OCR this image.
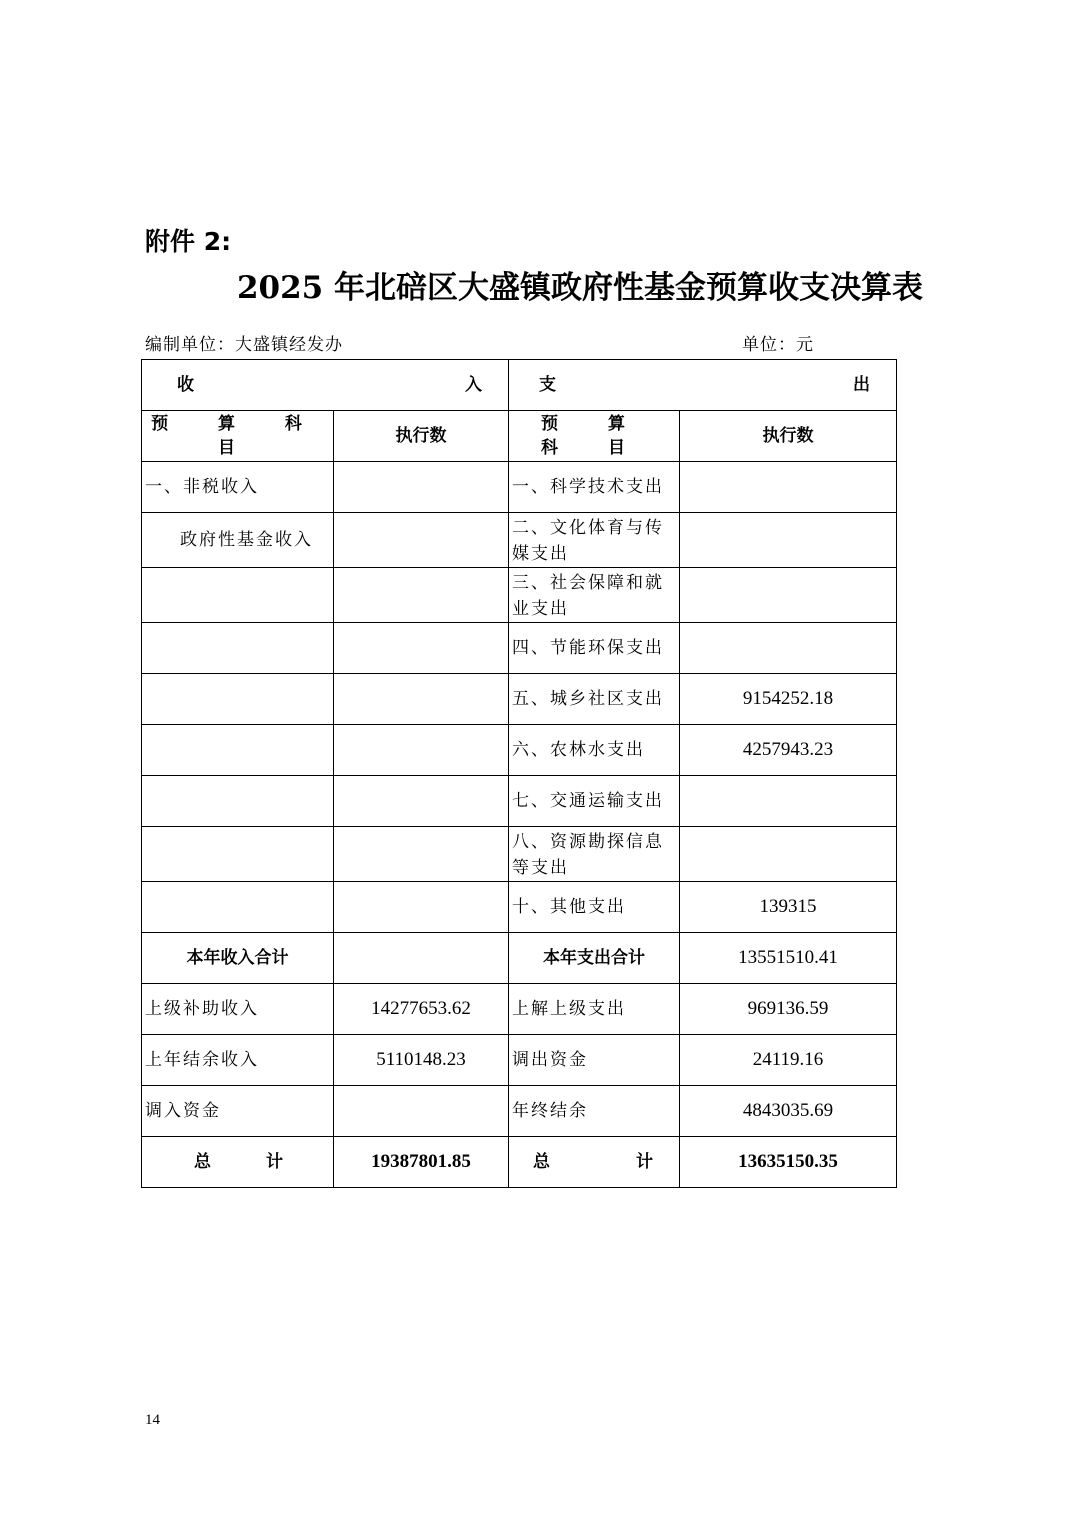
附件 2:
2025 年北碚区大盛镇政府性基金预算收支决算表
编制单位：大盛镇经发办	单位：元
收 入		支 出	

预 算 科 目	执行数	预 算 科 目	执行数
一、非税收入		一、科学技术支出	
政府性基金收入		二、文化体育与传媒支出	
		三、社会保障和就业支出	
		四、节能环保支出	
		五、城乡社区支出	9154252.18
		六、农林水支出	4257943.23
		七、交通运输支出	
		八、资源勘探信息等支出	
		十、其他支出	139315
本年收入合计		本年支出合计	13551510.41
上级补助收入	14277653.62	上解上级支出	969136.59
上年结余收入	5110148.23	调出资金	24119.16
调入资金		年终结余	4843035.69

总 计	19387801.85	总 计	13635150.35
14
